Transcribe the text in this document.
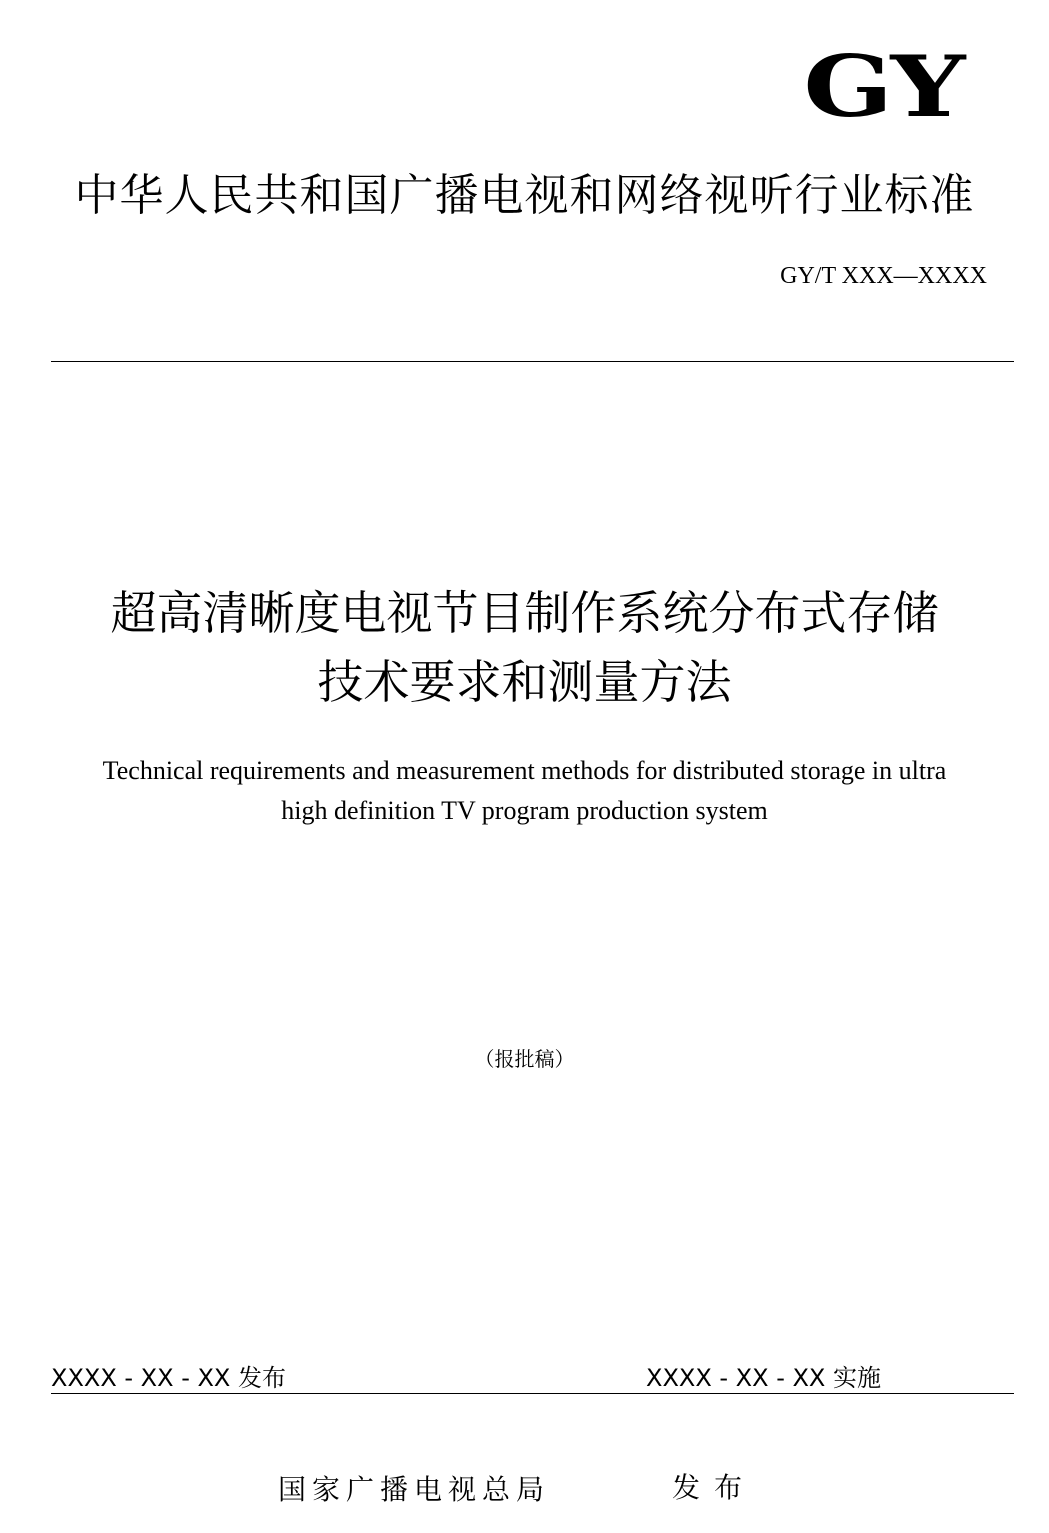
GY
中华人民共和国广播电视和网络视听行业标准
GY/T XXX—XXXX
超高清晰度电视节目制作系统分布式存储
技术要求和测量方法
Technical requirements and measurement methods for distributed storage in ultra
high definition TV program production system
（报批稿）
XXXX - XX - XX 发布	XXXX - XX - XX 实施
国家广播电视总局	发布
